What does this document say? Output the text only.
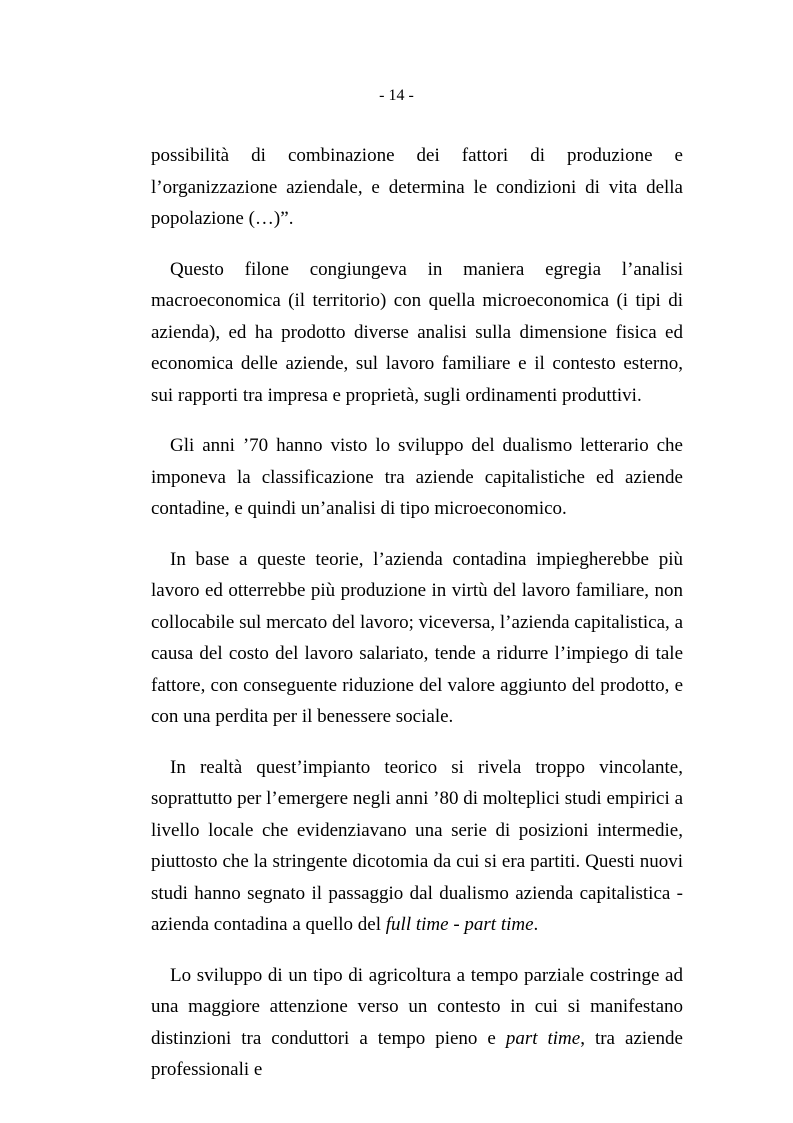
- 14 -

possibilità di combinazione dei fattori di produzione e l’organizzazione aziendale, e determina le condizioni di vita della popolazione (…)”.

Questo filone congiungeva in maniera egregia l’analisi macroeconomica (il territorio) con quella microeconomica (i tipi di azienda), ed ha prodotto diverse analisi sulla dimensione fisica ed economica delle aziende, sul lavoro familiare e il contesto esterno, sui rapporti tra impresa e proprietà, sugli ordinamenti produttivi.

Gli anni ’70 hanno visto lo sviluppo del dualismo letterario che imponeva la classificazione tra aziende capitalistiche ed aziende contadine, e quindi un’analisi di tipo microeconomico.

In base a queste teorie, l’azienda contadina impiegherebbe più lavoro ed otterrebbe più produzione in virtù del lavoro familiare, non collocabile sul mercato del lavoro; viceversa, l’azienda capitalistica, a causa del costo del lavoro salariato, tende a ridurre l’impiego di tale fattore, con conseguente riduzione del valore aggiunto del prodotto, e con una perdita per il benessere sociale.

In realtà quest’impianto teorico si rivela troppo vincolante, soprattutto per l’emergere negli anni ’80 di molteplici studi empirici a livello locale che evidenziavano una serie di posizioni intermedie, piuttosto che la stringente dicotomia da cui si era partiti. Questi nuovi studi hanno segnato il passaggio dal dualismo azienda capitalistica - azienda contadina a quello del full time - part time.

Lo sviluppo di un tipo di agricoltura a tempo parziale costringe ad una maggiore attenzione verso un contesto in cui si manifestano distinzioni tra conduttori a tempo pieno e part time, tra aziende professionali e
